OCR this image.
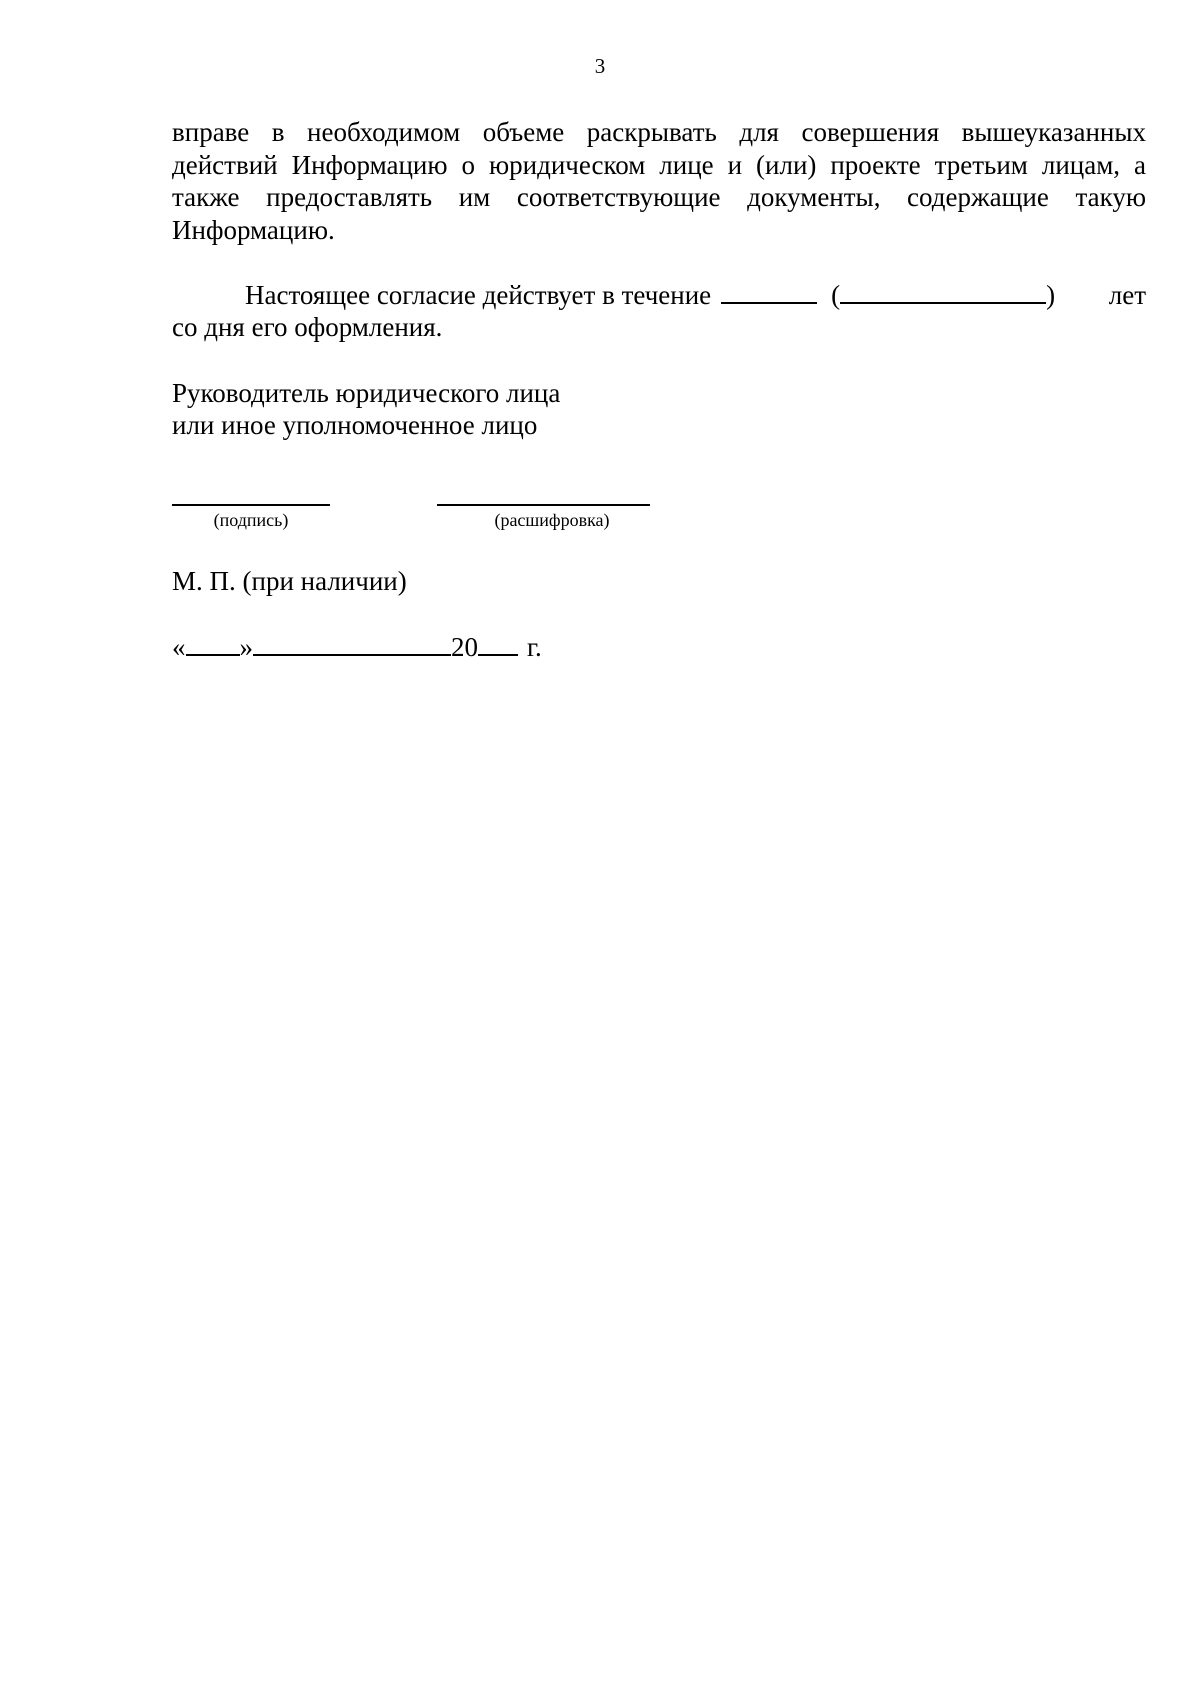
3
вправе в необходимом объеме раскрывать для совершения вышеуказанных действий Информацию о юридическом лице и (или) проекте третьим лицам, а также предоставлять им соответствующие документы, содержащие такую Информацию.
Настоящее согласие действует в течение	(	) лет
со дня его оформления.
Руководитель юридического лица
или иное уполномоченное лицо
(подпись)	(расшифровка)
М. П. (при наличии)
« »	20 г.
